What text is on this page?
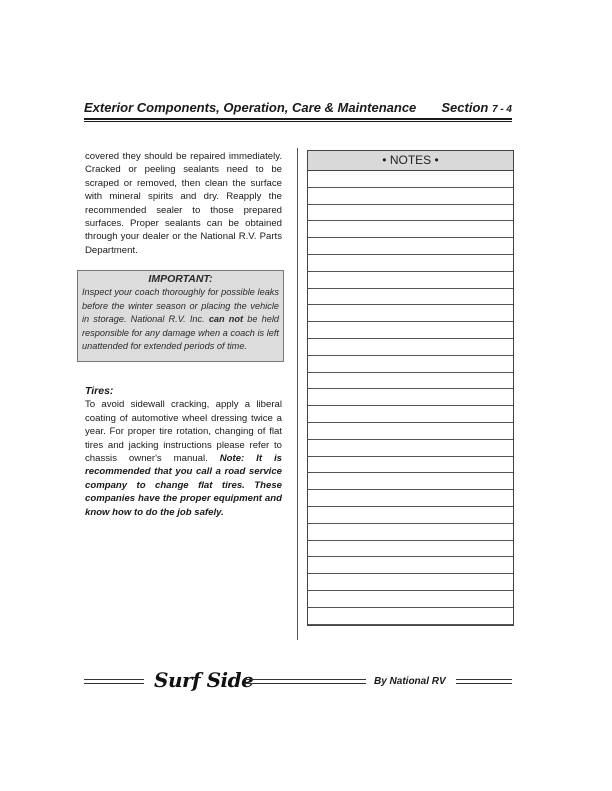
Exterior Components, Operation, Care & Maintenance Section 7 - 4

covered they should be repaired immediately. Cracked or peeling sealants need to be scraped or removed, then clean the surface with mineral spirits and dry. Reapply the recommended sealer to those prepared surfaces. Proper sealants can be obtained through your dealer or the National R.V. Parts Department.

IMPORTANT:
Inspect your coach thoroughly for possible leaks before the winter season or placing the vehicle in storage. National R.V. Inc. can not be held responsible for any damage when a coach is left unattended for extended periods of time.
Tires:

To avoid sidewall cracking, apply a liberal coating of automotive wheel dressing twice a year. For proper tire rotation, changing of flat tires and jacking instructions please refer to chassis owner's manual. Note: It is recommended that you call a road service company to change flat tires. These companies have the proper equipment and know how to do the job safely.

• NOTES •
Surf Side	By National RV
